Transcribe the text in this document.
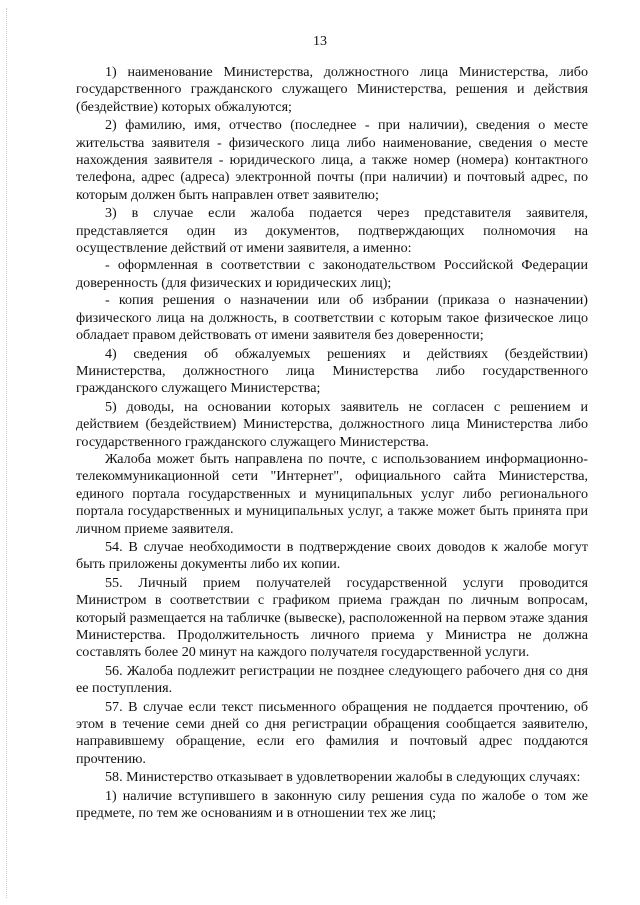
13

1) наименование Министерства, должностного лица Министерства, либо государственного гражданского служащего Министерства, решения и действия (бездействие) которых обжалуются;

2) фамилию, имя, отчество (последнее - при наличии), сведения о месте жительства заявителя - физического лица либо наименование, сведения о месте нахождения заявителя - юридического лица, а также номер (номера) контактного телефона, адрес (адреса) электронной почты (при наличии) и почтовый адрес, по которым должен быть направлен ответ заявителю;

3) в случае если жалоба подается через представителя заявителя, представляется один из документов, подтверждающих полномочия на осуществление действий от имени заявителя, а именно:

- оформленная в соответствии с законодательством Российской Федерации доверенность (для физических и юридических лиц);

- копия решения о назначении или об избрании (приказа о назначении) физического лица на должность, в соответствии с которым такое физическое лицо обладает правом действовать от имени заявителя без доверенности;

4) сведения об обжалуемых решениях и действиях (бездействии) Министерства, должностного лица Министерства либо государственного гражданского служащего Министерства;

5) доводы, на основании которых заявитель не согласен с решением и действием (бездействием) Министерства, должностного лица Министерства либо государственного гражданского служащего Министерства.

Жалоба может быть направлена по почте, с использованием информационно-телекоммуникационной сети "Интернет", официального сайта Министерства, единого портала государственных и муниципальных услуг либо регионального портала государственных и муниципальных услуг, а также может быть принята при личном приеме заявителя.

54. В случае необходимости в подтверждение своих доводов к жалобе могут быть приложены документы либо их копии.

55. Личный прием получателей государственной услуги проводится Министром в соответствии с графиком приема граждан по личным вопросам, который размещается на табличке (вывеске), расположенной на первом этаже здания Министерства. Продолжительность личного приема у Министра не должна составлять более 20 минут на каждого получателя государственной услуги.

56. Жалоба подлежит регистрации не позднее следующего рабочего дня со дня ее поступления.

57. В случае если текст письменного обращения не поддается прочтению, об этом в течение семи дней со дня регистрации обращения сообщается заявителю, направившему обращение, если его фамилия и почтовый адрес поддаются прочтению.

58. Министерство отказывает в удовлетворении жалобы в следующих случаях:

1) наличие вступившего в законную силу решения суда по жалобе о том же предмете, по тем же основаниям и в отношении тех же лиц;
